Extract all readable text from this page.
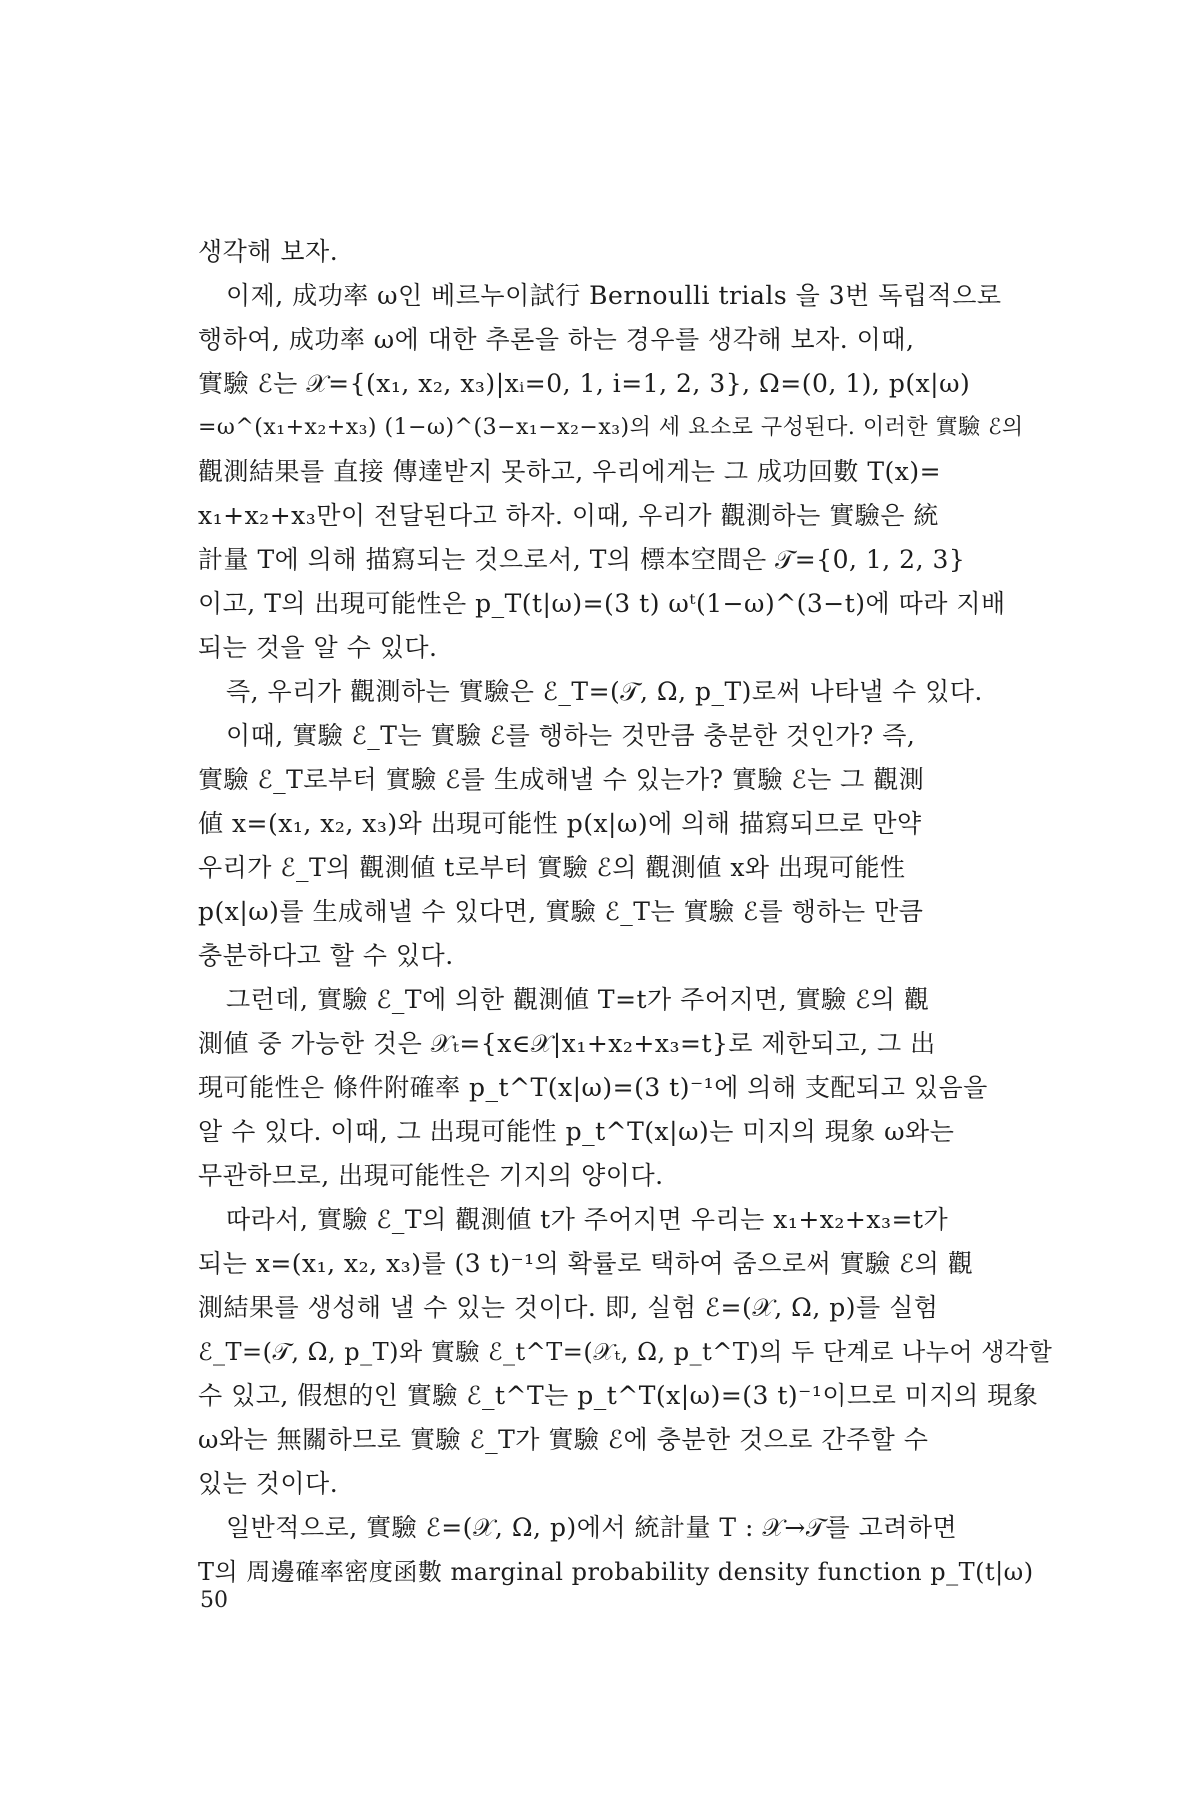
생각해 보자.
이제, 成功率 ω인 베르누이試行 Bernoulli trials 을 3번 독립적으로
행하여, 成功率 ω에 대한 추론을 하는 경우를 생각해 보자. 이때,
實驗 ℰ는 𝒳={(x₁, x₂, x₃)|xᵢ=0, 1, i=1, 2, 3}, Ω=(0, 1), p(x|ω)
=ω^(x₁+x₂+x₃) (1−ω)^(3−x₁−x₂−x₃)의 세 요소로 구성된다. 이러한 實驗 ℰ의
觀測結果를 直接 傳達받지 못하고, 우리에게는 그 成功回數 T(x)=
x₁+x₂+x₃만이 전달된다고 하자. 이때, 우리가 觀測하는 實驗은 統
計量 T에 의해 描寫되는 것으로서, T의 標本空間은 𝒯={0, 1, 2, 3}
이고, T의 出現可能性은 p_T(t|ω)=(3 t) ωᵗ(1−ω)^(3−t)에 따라 지배
되는 것을 알 수 있다.
즉, 우리가 觀測하는 實驗은 ℰ_T=(𝒯, Ω, p_T)로써 나타낼 수 있다.
이때, 實驗 ℰ_T는 實驗 ℰ를 행하는 것만큼 충분한 것인가? 즉,
實驗 ℰ_T로부터 實驗 ℰ를 生成해낼 수 있는가? 實驗 ℰ는 그 觀測
値 x=(x₁, x₂, x₃)와 出現可能性 p(x|ω)에 의해 描寫되므로 만약
우리가 ℰ_T의 觀測値 t로부터 實驗 ℰ의 觀測値 x와 出現可能性
p(x|ω)를 生成해낼 수 있다면, 實驗 ℰ_T는 實驗 ℰ를 행하는 만큼
충분하다고 할 수 있다.
그런데, 實驗 ℰ_T에 의한 觀測値 T=t가 주어지면, 實驗 ℰ의 觀
測値 중 가능한 것은 𝒳ₜ={x∈𝒳|x₁+x₂+x₃=t}로 제한되고, 그 出
現可能性은 條件附確率 p_t^T(x|ω)=(3 t)⁻¹에 의해 支配되고 있음을
알 수 있다. 이때, 그 出現可能性 p_t^T(x|ω)는 미지의 現象 ω와는
무관하므로, 出現可能性은 기지의 양이다.
따라서, 實驗 ℰ_T의 觀測値 t가 주어지면 우리는 x₁+x₂+x₃=t가
되는 x=(x₁, x₂, x₃)를 (3 t)⁻¹의 확률로 택하여 줌으로써 實驗 ℰ의 觀
測結果를 생성해 낼 수 있는 것이다. 即, 실험 ℰ=(𝒳, Ω, p)를 실험
ℰ_T=(𝒯, Ω, p_T)와 實驗 ℰ_t^T=(𝒳ₜ, Ω, p_t^T)의 두 단계로 나누어 생각할
수 있고, 假想的인 實驗 ℰ_t^T는 p_t^T(x|ω)=(3 t)⁻¹이므로 미지의 現象
ω와는 無關하므로 實驗 ℰ_T가 實驗 ℰ에 충분한 것으로 간주할 수
있는 것이다.
일반적으로, 實驗 ℰ=(𝒳, Ω, p)에서 統計量 T : 𝒳→𝒯를 고려하면
T의 周邊確率密度函數 marginal probability density function p_T(t|ω)
50
